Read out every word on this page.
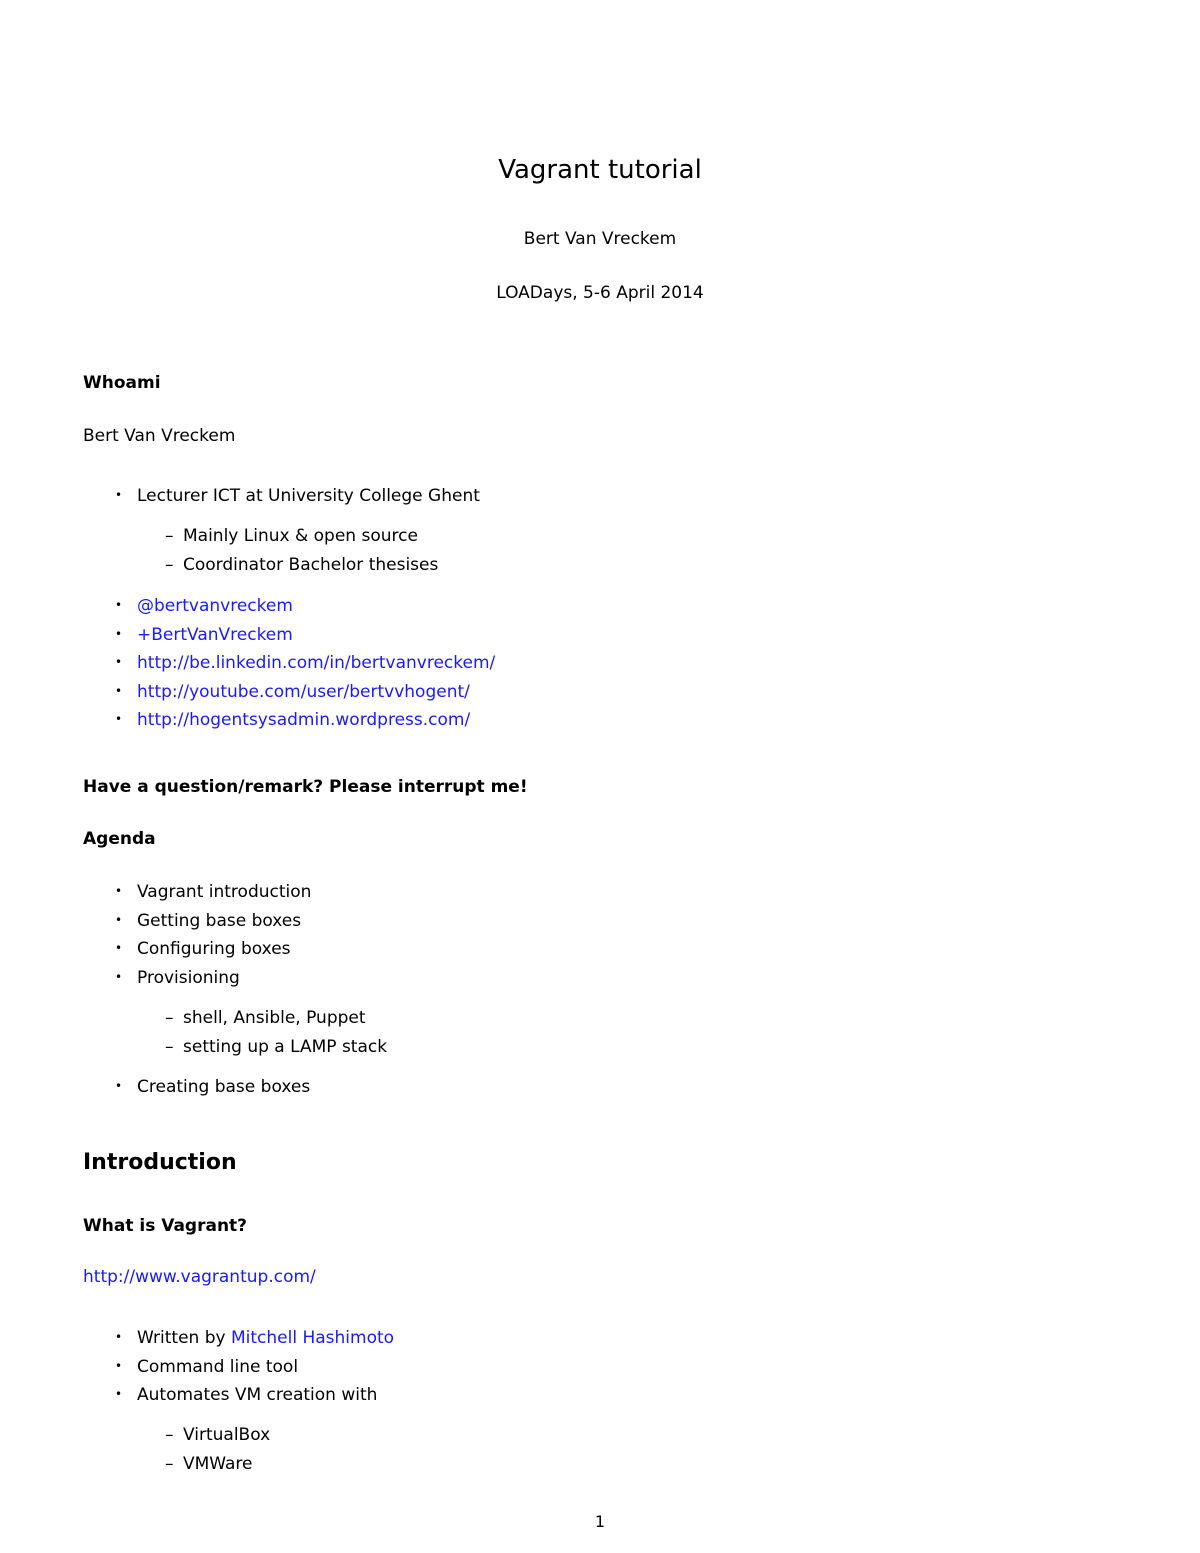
Vagrant tutorial
Bert Van Vreckem
LOADays, 5-6 April 2014
Whoami
Bert Van Vreckem
• Lecturer ICT at University College Ghent
– Mainly Linux & open source
– Coordinator Bachelor thesises
• @bertvanvreckem
• +BertVanVreckem
• http://be.linkedin.com/in/bertvanvreckem/
• http://youtube.com/user/bertvvhogent/
• http://hogentsysadmin.wordpress.com/
Have a question/remark? Please interrupt me!
Agenda
• Vagrant introduction
• Getting base boxes
• Configuring boxes
• Provisioning
– shell, Ansible, Puppet
– setting up a LAMP stack
• Creating base boxes
Introduction
What is Vagrant?
http://www.vagrantup.com/
• Written by Mitchell Hashimoto
• Command line tool
• Automates VM creation with
– VirtualBox
– VMWare
1
